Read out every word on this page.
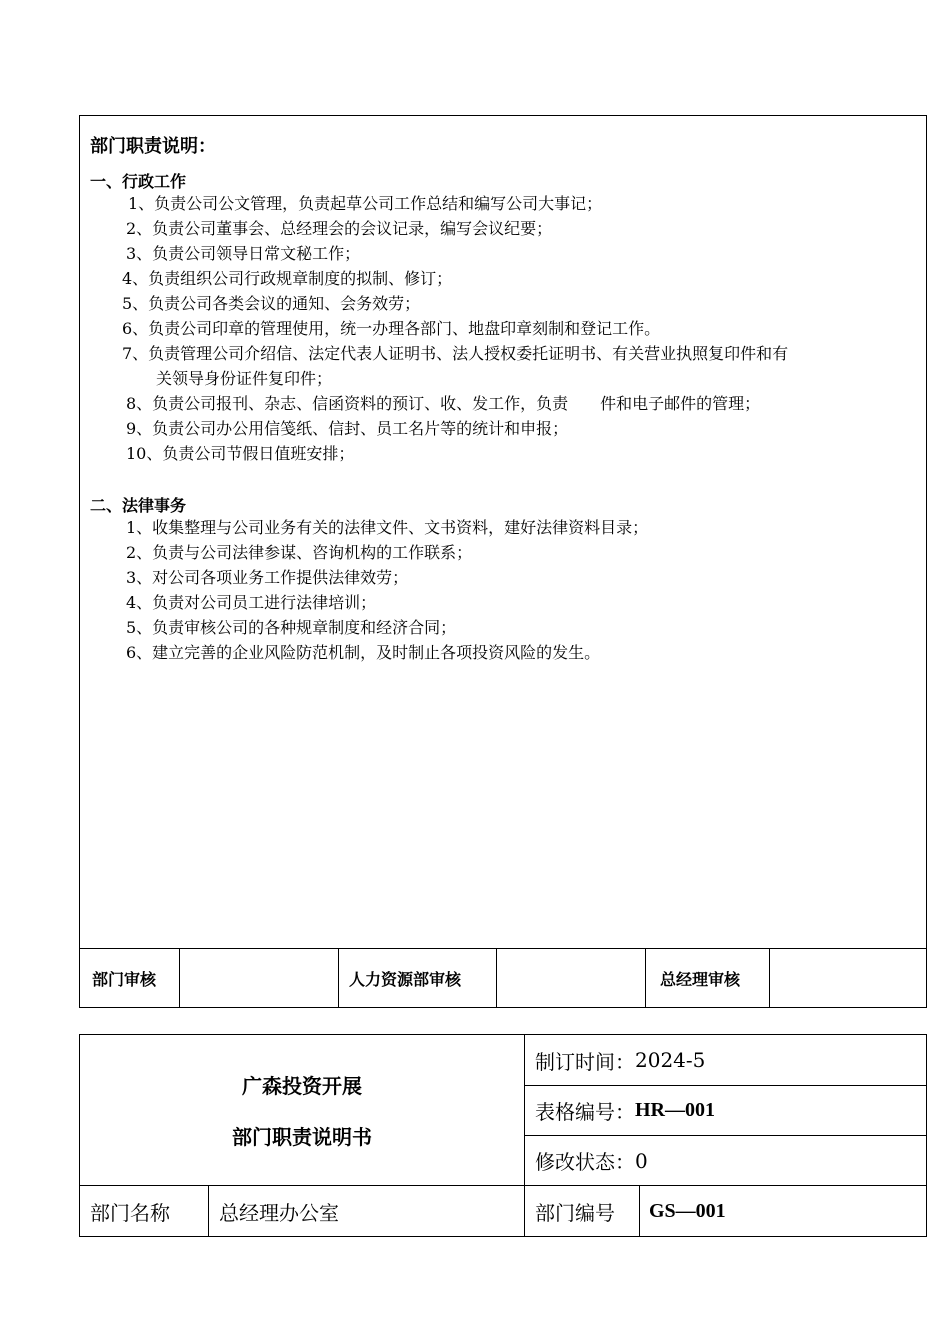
部门职责说明：
一、行政工作
1、负责公司公文管理，负责起草公司工作总结和编写公司大事记；
2、负责公司董事会、总经理会的会议记录，编写会议纪要；
3、负责公司领导日常文秘工作；
4、负责组织公司行政规章制度的拟制、修订；
5、负责公司各类会议的通知、会务效劳；
6、负责公司印章的管理使用，统一办理各部门、地盘印章刻制和登记工作。
7、负责管理公司介绍信、法定代表人证明书、法人授权委托证明书、有关营业执照复印件和有
关领导身份证件复印件；
8、负责公司报刊、杂志、信函资料的预订、收、发工作，负责　　件和电子邮件的管理；
9、负责公司办公用信笺纸、信封、员工名片等的统计和申报；
10、负责公司节假日值班安排；
二、法律事务
1、收集整理与公司业务有关的法律文件、文书资料，建好法律资料目录；
2、负责与公司法律参谋、咨询机构的工作联系；
3、对公司各项业务工作提供法律效劳；
4、负责对公司员工进行法律培训；
5、负责审核公司的各种规章制度和经济合同；
6、建立完善的企业风险防范机制，及时制止各项投资风险的发生。
部门审核	人力资源部审核	总经理审核
广森投资开展
部门职责说明书
制订时间： 2024-5
表格编号： HR—001
修改状态： 0
部门名称	总经理办公室	部门编号	GS—001
